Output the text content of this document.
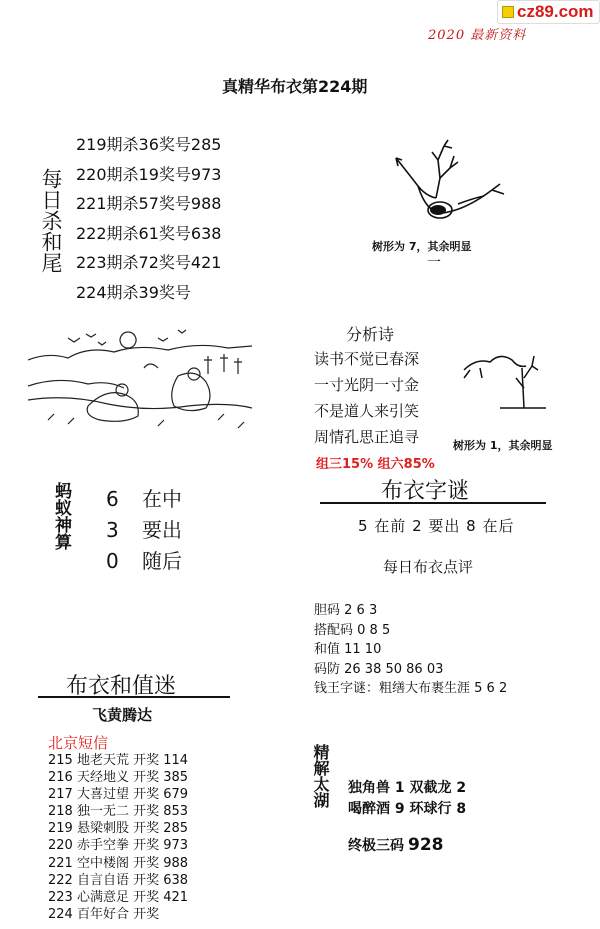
cz89.com
2020 最新资料
真精华布衣第224期
每日杀和尾
219期杀36奖号285
220期杀19奖号973
221期杀57奖号988
222期杀61奖号638
223期杀72奖号421
224期杀39奖号
树形为 7，其余明显
一
分析诗
读书不觉已春深
一寸光阴一寸金
不是道人来引笑
周情孔思正追寻	树形为 1，其余明显
组三15% 组六85%
蚂蚁神算 6
3
0
在中
要出
随后
布衣字谜
5 在前 2 要出 8 在后
每日布衣点评
胆码 2 6 3
搭配码 0 8 5
和值 11 10
码防 26 38 50 86 03
钱王字谜：粗缮大布裹生涯 5 6 2
布衣和值迷
飞黄腾达
北京短信
215 地老天荒 开奖 114
216 天经地义 开奖 385
217 大喜过望 开奖 679
218 独一无二 开奖 853
219 悬梁刺股 开奖 285
220 赤手空拳 开奖 973
221 空中楼阁 开奖 988
222 自言自语 开奖 638
223 心满意足 开奖 421
224 百年好合 开奖
精解太湖 独角兽 1 双截龙 2
喝醉酒 9 环球行 8
终极三码 928
